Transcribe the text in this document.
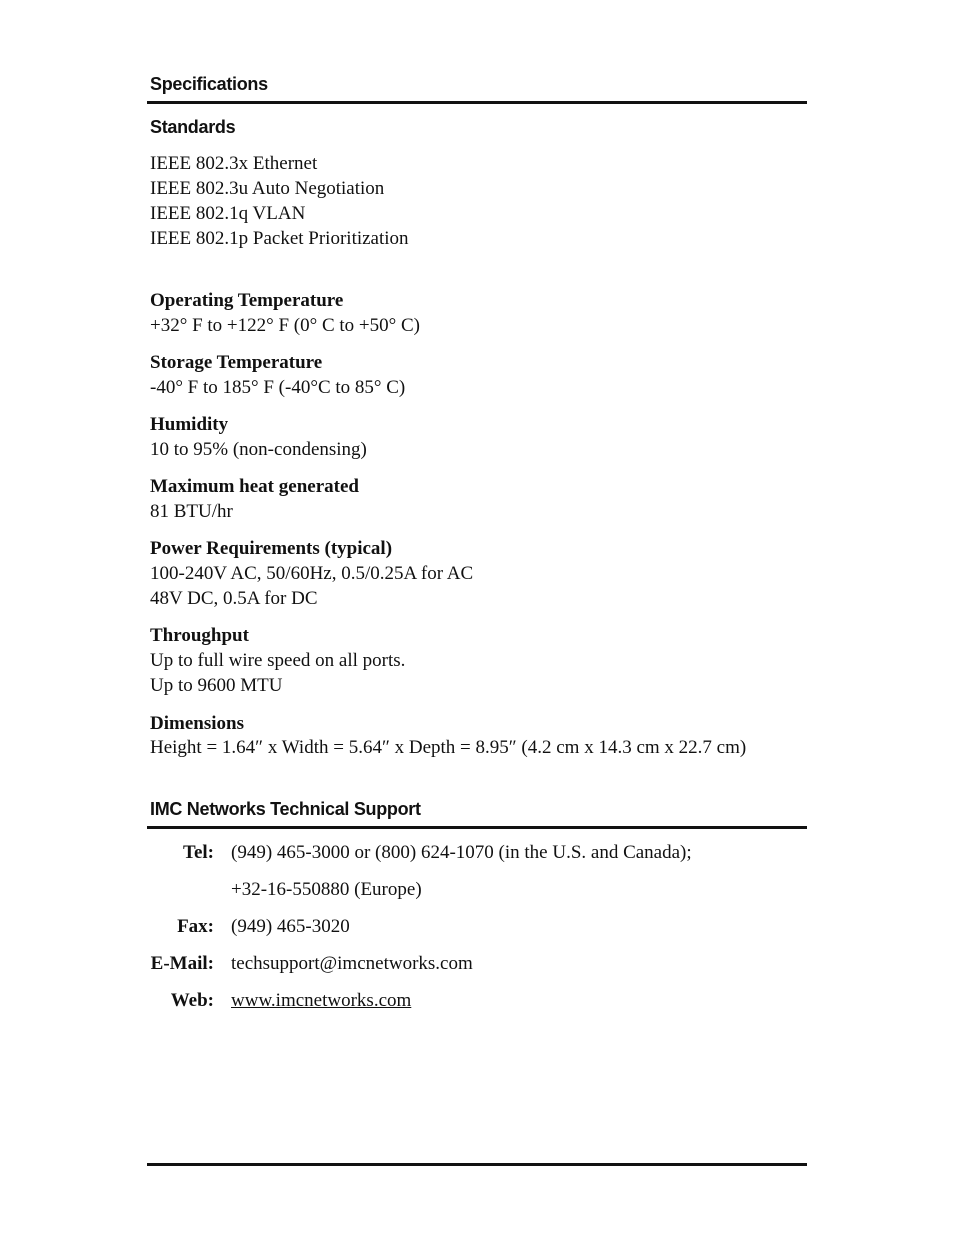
Specifications
Standards
IEEE 802.3x Ethernet
IEEE 802.3u Auto Negotiation
IEEE 802.1q VLAN
IEEE 802.1p Packet Prioritization
Operating Temperature
+32° F to +122° F (0° C to +50° C)
Storage Temperature
-40° F to 185° F (-40°C to 85° C)
Humidity
10 to 95% (non-condensing)
Maximum heat generated
81 BTU/hr
Power Requirements (typical)
100-240V AC, 50/60Hz, 0.5/0.25A for AC
48V DC, 0.5A for DC
Throughput
Up to full wire speed on all ports.
Up to 9600 MTU
Dimensions
Height = 1.64″ x Width = 5.64″ x Depth = 8.95″ (4.2 cm x 14.3 cm x 22.7 cm)
IMC Networks Technical Support
Tel: (949) 465-3000 or (800) 624-1070 (in the U.S. and Canada);
+32-16-550880 (Europe)
Fax: (949) 465-3020
E-Mail: techsupport@imcnetworks.com
Web: www.imcnetworks.com
